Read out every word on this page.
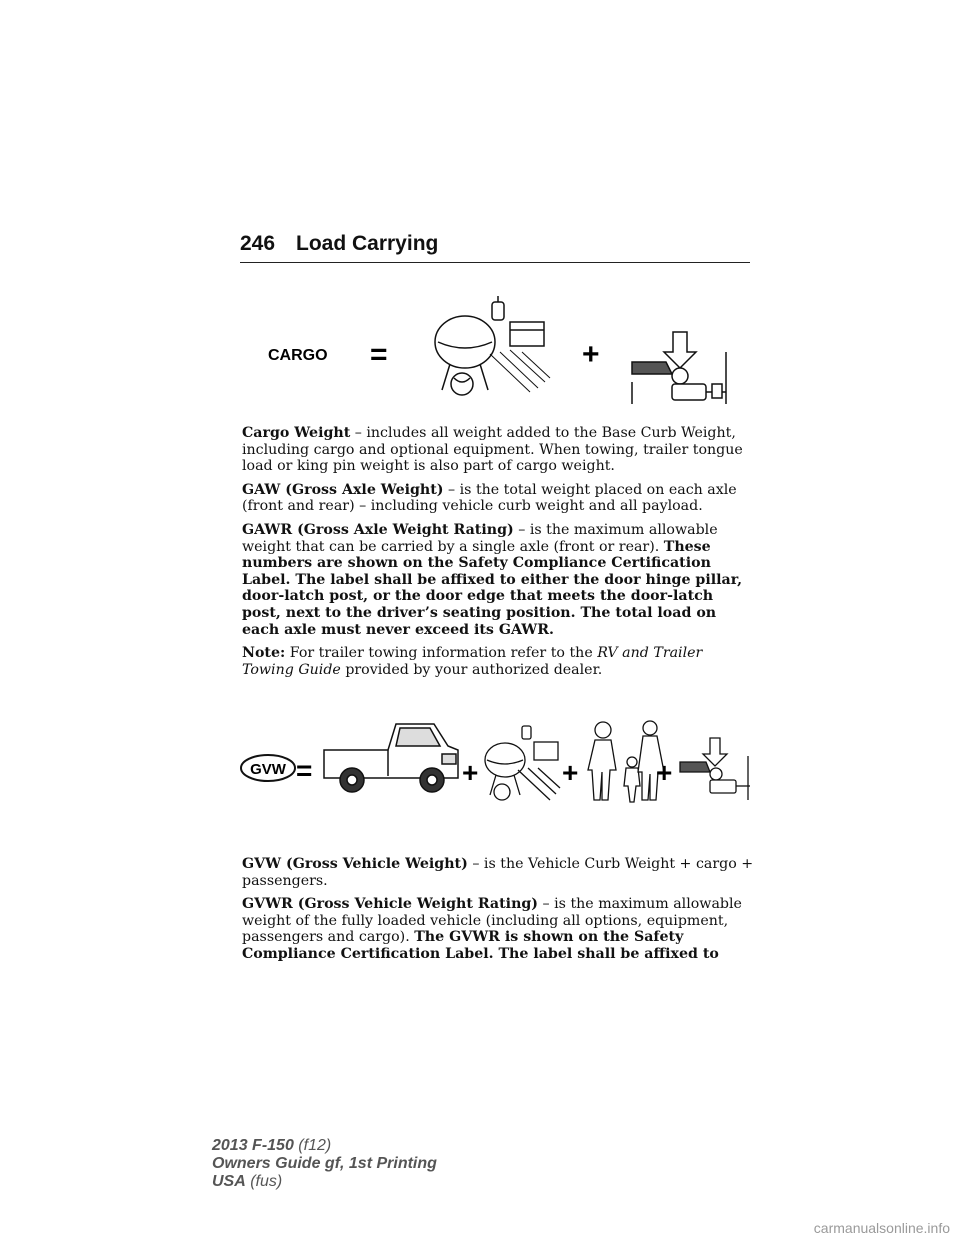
246 Load Carrying
CARGO =	+

Cargo Weight – includes all weight added to the Base Curb Weight, including cargo and optional equipment. When towing, trailer tongue load or king pin weight is also part of cargo weight.

GAW (Gross Axle Weight) – is the total weight placed on each axle (front and rear) – including vehicle curb weight and all payload.

GAWR (Gross Axle Weight Rating) – is the maximum allowable weight that can be carried by a single axle (front or rear). These numbers are shown on the Safety Compliance Certification Label. The label shall be affixed to either the door hinge pillar, door-latch post, or the door edge that meets the door-latch post, next to the driver’s seating position. The total load on each axle must never exceed its GAWR.

Note: For trailer towing information refer to the RV and Trailer Towing Guide provided by your authorized dealer.

GVW =	+	+	+

GVW (Gross Vehicle Weight) – is the Vehicle Curb Weight + cargo + passengers.

GVWR (Gross Vehicle Weight Rating) – is the maximum allowable weight of the fully loaded vehicle (including all options, equipment, passengers and cargo). The GVWR is shown on the Safety Compliance Certification Label. The label shall be affixed to

2013 F-150 (f12)
Owners Guide gf, 1st Printing
USA (fus)
carmanualsonline.info
